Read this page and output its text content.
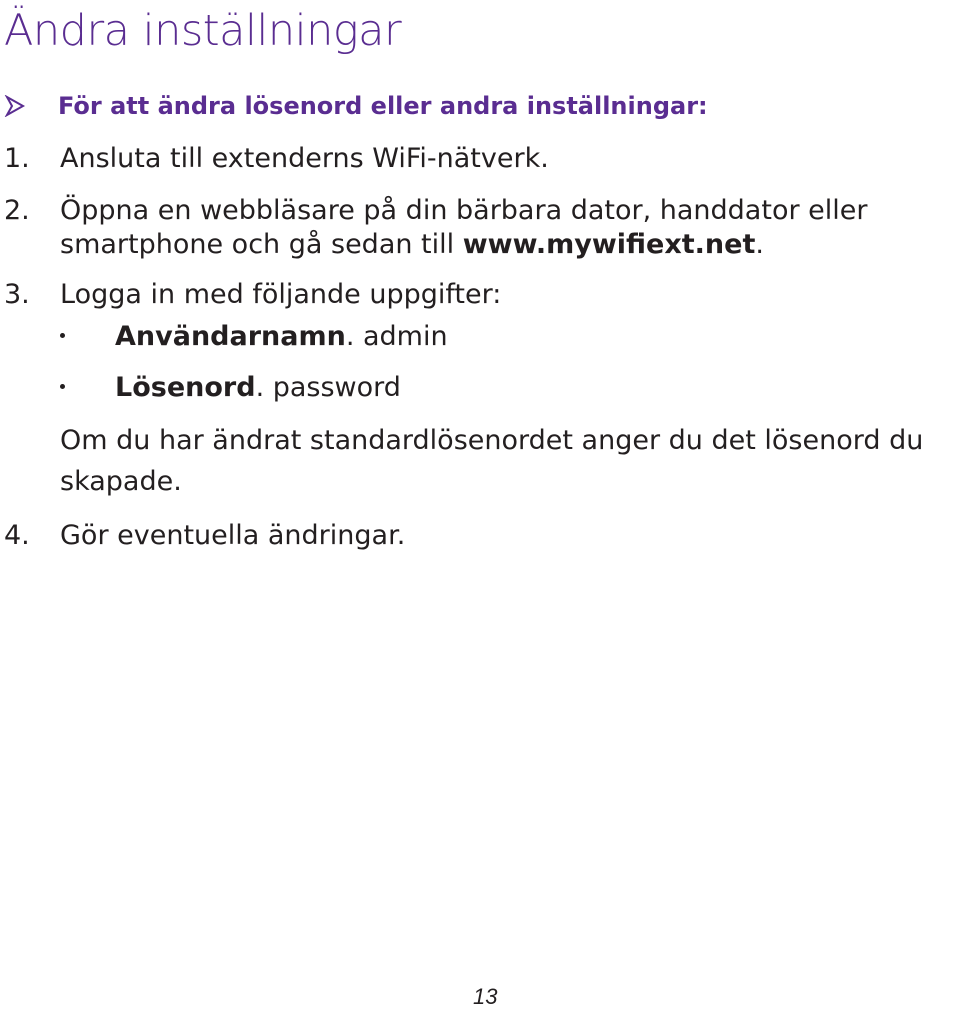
Ändra inställningar
För att ändra lösenord eller andra inställningar:
1. Ansluta till extenderns WiFi-nätverk.
2. Öppna en webbläsare på din bärbara dator, handdator eller
smartphone och gå sedan till www.mywifiext.net.
3. Logga in med följande uppgifter:
Användarnamn. admin
Lösenord. password
Om du har ändrat standardlösenordet anger du det lösenord du
skapade.
4. Gör eventuella ändringar.
13
